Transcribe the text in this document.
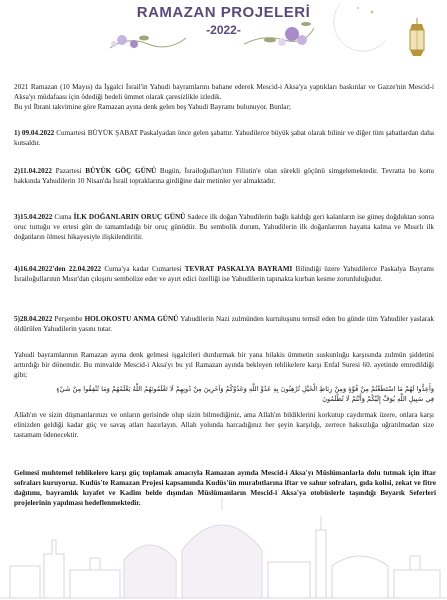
RAMAZAN PROJELERİ
-2022-

2021 Ramazan (10 Mayıs) da İşgalci İsrail'in Yahudi bayramlarını bahane ederek Mescid-i Aksa'ya yaptıkları baskınlar ve Gazze'nin Mescid-i Aksa'yı müdafaası için ödediği bedeli ümmet olarak çaresizlikle izledik.

Bu yıl İbrani takvimine göre Ramazan ayına denk gelen beş Yahudi Bayramı bulunuyor. Bunlar;

1) 09.04.2022 Cumartesi BÜYÜK ŞABAT Paskalyadan önce gelen şabattır. Yahudilerce büyük şabat olarak bilinir ve diğer tüm şabatlardan daha kutsaldır.

2)11.04.2022 Pazartesi BÜYÜK GÖÇ GÜNÜ Bugün, İsrailoğulları'nın Filistin'e olan sürekli göçünü simgelemektedir. Tevratta bu konu hakkında Yahudilerin 10 Nisan'da İsrail topraklarına girdiğine dair metinler yer almaktadır.

3)15.04.2022 Cuma İLK DOĞANLARIN ORUÇ GÜNÜ Sadece ilk doğan Yahudilerin bağlı kaldığı geri kalanların ise güneş doğduktan sonra oruc tuttuğu ve ertesi gün de tamamladığı bir oruç günüdür. Bu sembolik durum, Yahudilerin ilk doğanlarının hayatta kalma ve Mısırlı ilk doğanların ölmesi hikayesiyle ilişkilendirilir.

4)16.04.2022'den 22.04.2022 Cuma'ya kadar Cumartesi TEVRAT PASKALYA BAYRAMI Bilindiği üzere Yahudilerce Paskalya Bayramı İsrailoğullarının Mısır'dan çıkışını sembolize eder ve ayırt edici özelliği ise Yahudilerin tapınakta kurban kesme zorunluluğudur.

5)28.04.2022 Perşembe HOLOKOSTU ANMA GÜNÜ Yahudilerin Nazi zulmünden kurtuluşunu temsil eden bu günde tüm Yahudiler yaslarak öldürülen Yahudilerin yasını tutar.

Yahudi bayramlarının Ramazan ayına denk gelmesi işgalcileri durdurmak bir yana bilakis ümmetin suskunluğu karşısında zulmün şiddetini arttırdığı bir dönemdir. Bu minvalde Mescid-i Aksa'yı bu yıl Ramazan ayında bekleyen tehlikelere karşı Enfal Suresi 60. ayetinde emredildiği gibi;

وَأَعِدُّوا لَهُمْ مَا اسْتَطَعْتُمْ مِنْ قُوَّةٍ وَمِنْ رِبَاطِ الْخَيْلِ تُرْهِبُونَ بِهِ عَدُوَّ اللَّهِ وَعَدُوَّكُمْ وَآخَرِينَ مِنْ دُونِهِمْ لَا تَعْلَمُونَهُمُ اللَّهُ يَعْلَمُهُمْ وَمَا تُنْفِقُوا مِنْ شَيْءٍ
فِي سَبِيلِ اللَّهِ يُوَفَّ إِلَيْكُمْ وَأَنْتُمْ لَا تُظْلَمُونَ

Allah'ın ve sizin düşmanlarınızı ve onların gerisinde olup sizin bilmediğiniz, ama Allah'ın bildiklerini korkutup caydırmak üzere, onlara karşı elinizden geldiği kadar güç ve savaş atları hazırlayın. Allah yolunda harcadığınız her şeyin karşılığı, zerrece haksızlığa uğratılmadan size tastamam ödenecektir.

Gelmesi muhtemel tehlikelere karşı güç toplamak amacıyla Ramazan ayında Mescid-i Aksa'yı Müslümanlarla dolu tutmak için iftar sofraları kuruyoruz. Kudüs'te Ramazan Projesi kapsamında Kudüs'ün murabıtlarına iftar ve sahur sofraları, gıda kolisi, zekat ve fitre dağıtımı, bayramlık kıyafet ve Kadim belde dışından Müslümanların Mescid-i Aksa'ya otobüslerle taşındığı Beyarık Seferleri projelerinin yapılması hedeflenmektedir.
